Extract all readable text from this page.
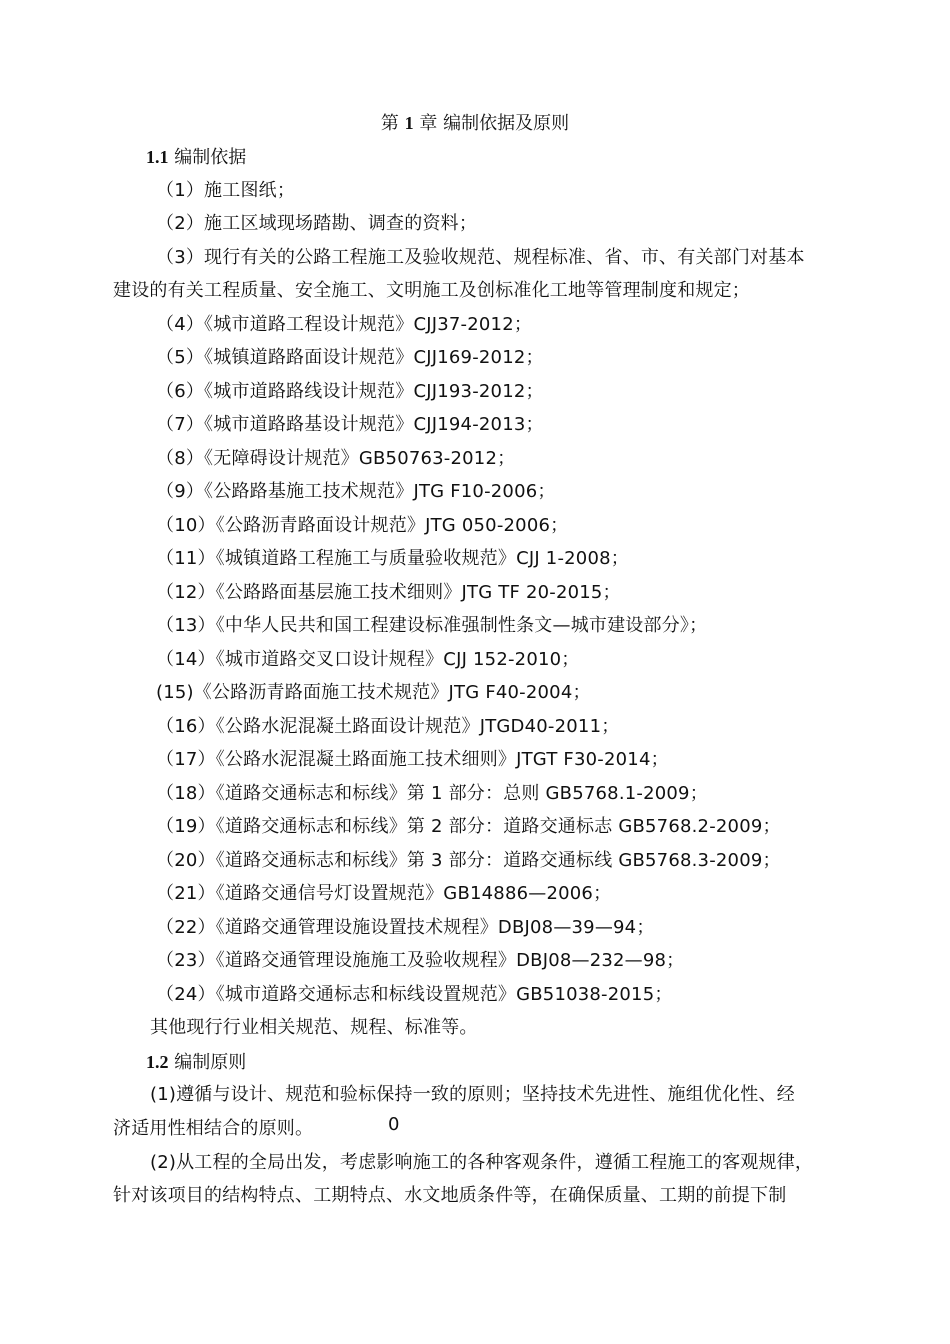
第 1 章 编制依据及原则
1.1 编制依据
（1）施工图纸；
（2）施工区域现场踏勘、调查的资料；
（3）现行有关的公路工程施工及验收规范、规程标准、省、市、有关部门对基本
建设的有关工程质量、安全施工、文明施工及创标准化工地等管理制度和规定；
（4）《城市道路工程设计规范》CJJ37-2012；
（5）《城镇道路路面设计规范》CJJ169-2012；
（6）《城市道路路线设计规范》CJJ193-2012；
（7）《城市道路路基设计规范》CJJ194-2013；
（8）《无障碍设计规范》GB50763-2012；
（9）《公路路基施工技术规范》JTG F10-2006；
（10）《公路沥青路面设计规范》JTG 050-2006；
（11）《城镇道路工程施工与质量验收规范》CJJ 1-2008；
（12）《公路路面基层施工技术细则》JTG TF 20-2015；
（13）《中华人民共和国工程建设标准强制性条文—城市建设部分》；
（14）《城市道路交叉口设计规程》CJJ 152-2010；
(15)《公路沥青路面施工技术规范》JTG F40-2004；
（16）《公路水泥混凝土路面设计规范》JTGD40-2011；
（17）《公路水泥混凝土路面施工技术细则》JTGT F30-2014；
（18）《道路交通标志和标线》第 1 部分：总则 GB5768.1-2009；
（19）《道路交通标志和标线》第 2 部分：道路交通标志 GB5768.2-2009；
（20）《道路交通标志和标线》第 3 部分：道路交通标线 GB5768.3-2009；
（21）《道路交通信号灯设置规范》GB14886—2006；
（22）《道路交通管理设施设置技术规程》DBJ08—39—94；
（23）《道路交通管理设施施工及验收规程》DBJ08—232—98；
（24）《城市道路交通标志和标线设置规范》GB51038-2015；
其他现行行业相关规范、规程、标准等。
1.2 编制原则
(1)遵循与设计、规范和验标保持一致的原则；坚持技术先进性、施组优化性、经
济适用性相结合的原则。	0
(2)从工程的全局出发，考虑影响施工的各种客观条件，遵循工程施工的客观规律，
针对该项目的结构特点、工期特点、水文地质条件等，在确保质量、工期的前提下制
